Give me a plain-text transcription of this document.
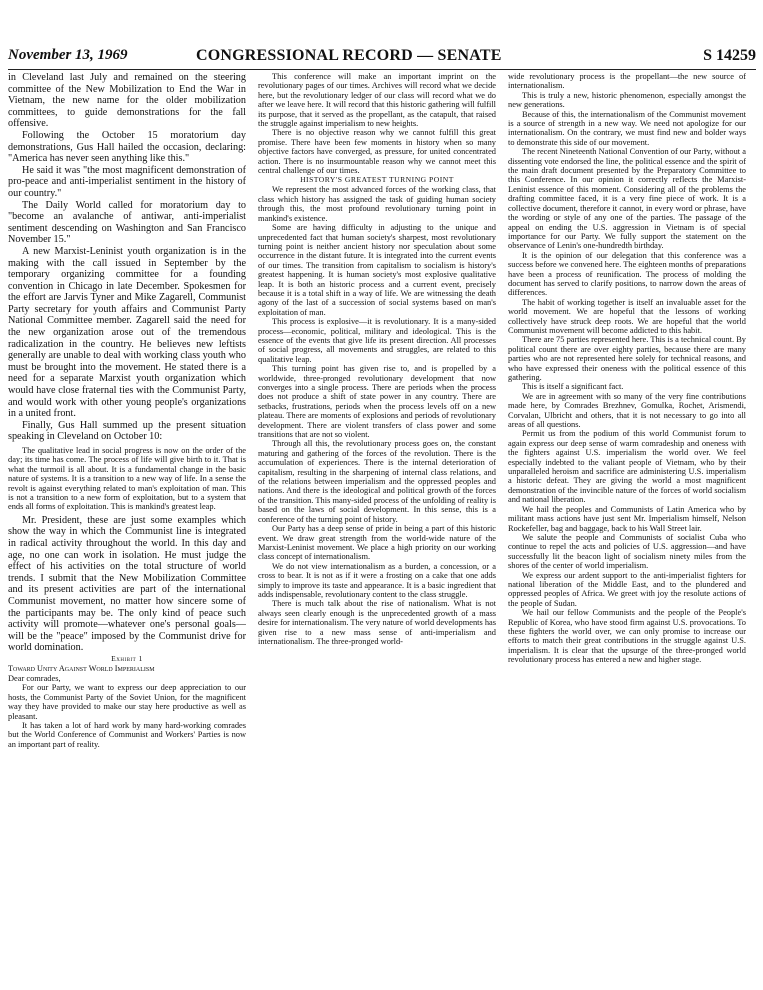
November 13, 1969	CONGRESSIONAL RECORD — SENATE	S 14259

in Cleveland last July and remained on the steering committee of the New Mobilization to End the War in Vietnam, the new name for the older mobilization committees, to guide demonstrations for the fall offensive.

Following the October 15 moratorium day demonstrations, Gus Hall hailed the occasion, declaring: "America has never seen anything like this."

He said it was "the most magnificent demonstration of pro-peace and anti-imperialist sentiment in the history of our country."

The Daily World called for moratorium day to "become an avalanche of antiwar, anti-imperialist sentiment descending on Washington and San Francisco November 15."

A new Marxist-Leninist youth organization is in the making with the call issued in September by the temporary organizing committee for a founding convention in Chicago in late December. Spokesmen for the effort are Jarvis Tyner and Mike Zagarell, Communist Party secretary for youth affairs and Communist Party National Committee member. Zagarell said the need for the new organization arose out of the tremendous radicalization in the country. He believes new leftists generally are unable to deal with working class youth who must be brought into the movement. He stated there is a need for a separate Marxist youth organization which would have close fraternal ties with the Communist Party, and would work with other young people's organizations in a united front.

Finally, Gus Hall summed up the present situation speaking in Cleveland on October 10:

The qualitative lead in social progress is now on the order of the day; its time has come. The process of life will give birth to it. That is what the turmoil is all about. It is a fundamental change in the basic nature of systems. It is a transition to a new way of life. In a sense the revolt is against everything related to man's exploitation of man. This is not a transition to a new form of exploitation, but to a system that ends all forms of exploitation. This is mankind's greatest leap.

Mr. President, these are just some examples which show the way in which the Communist line is integrated in radical activity throughout the world. In this day and age, no one can work in isolation. He must judge the effect of his activities on the total structure of world trends. I submit that the New Mobilization Committee and its present activities are part of the international Communist movement, no matter how sincere some of the participants may be. The only kind of peace such activity will promote—whatever one's personal goals—will be the "peace" imposed by the Communist drive for world domination.

Exhibit 1

Toward Unity Against World Imperialism

Dear comrades,

For our Party, we want to express our deep appreciation to our hosts, the Communist Party of the Soviet Union, for the magnificent way they have provided to make our stay here productive as well as pleasant.

It has taken a lot of hard work by many hard-working comrades but the World Conference of Communist and Workers' Parties is now an important part of reality.

This conference will make an important imprint on the revolutionary pages of our times. Archives will record what we decide here, but the revolutionary ledger of our class will record what we do after we leave here. It will record that this historic gathering will fulfill its purpose, that it served as the propellant, as the catapult, that raised the struggle against imperialism to new heights.

There is no objective reason why we cannot fulfill this great promise. There have been few moments in history when so many objective factors have converged, as pressure, for united concentrated action. There is no insurmountable reason why we cannot meet this central challenge of our times.

HISTORY'S GREATEST TURNING POINT

We represent the most advanced forces of the working class, that class which history has assigned the task of guiding human society through this, the most profound revolutionary turning point in mankind's existence.

Some are having difficulty in adjusting to the unique and unprecedented fact that human society's sharpest, most revolutionary turning point is neither ancient history nor speculation about some occurrence in the distant future. It is integrated into the current events of our times. The transition from capitalism to socialism is history's greatest happening. It is human society's most explosive qualitative leap. It is both an historic process and a current event, precisely because it is a total shift in a way of life. We are witnessing the death agony of the last of a succession of social systems based on man's exploitation of man.

This process is explosive—it is revolutionary. It is a many-sided process—economic, political, military and ideological. This is the essence of the events that give life its present direction. All processes of social progress, all movements and struggles, are related to this qualitative leap.

This turning point has given rise to, and is propelled by a worldwide, three-pronged revolutionary development that now converges into a single process. There are periods when the process does not produce a shift of state power in any country. There are setbacks, frustrations, periods when the process levels off on a new plateau. There are moments of explosions and periods of revolutionary development. There are violent transfers of class power and some transitions that are not so violent.

Through all this, the revolutionary process goes on, the constant maturing and gathering of the forces of the revolution. There is the accumulation of experiences. There is the internal deterioration of capitalism, resulting in the sharpening of internal class relations, and of the relations between imperialism and the oppressed peoples and nations. And there is the ideological and political growth of the forces of the transition. This many-sided process of the unfolding of reality is based on the laws of social development. In this sense, this is a conference of the turning point of history.

Our Party has a deep sense of pride in being a part of this historic event. We draw great strength from the world-wide nature of the Marxist-Leninist movement. We place a high priority on our working class concept of internationalism.

We do not view internationalism as a burden, a concession, or a cross to bear. It is not as if it were a frosting on a cake that one adds simply to improve its taste and appearance. It is a basic ingredient that adds indispensable, revolutionary content to the class struggle.

There is much talk about the rise of nationalism. What is not always seen clearly enough is the unprecedented growth of a mass desire for internationalism. The very nature of world developments has given rise to a new mass sense of anti-imperialism and internationalism. The three-pronged world-

wide revolutionary process is the propellant—the new source of internationalism.

This is truly a new, historic phenomenon, especially amongst the new generations.

Because of this, the internationalism of the Communist movement is a source of strength in a new way. We need not apologize for our internationalism. On the contrary, we must find new and bolder ways to demonstrate this side of our movement.

The recent Nineteenth National Convention of our Party, without a dissenting vote endorsed the line, the political essence and the spirit of the main draft document presented by the Preparatory Committee to this Conference. In our opinion it correctly reflects the Marxist-Leninist essence of this moment. Considering all of the problems the drafting committee faced, it is a very fine piece of work. It is a collective document, therefore it cannot, in every word or phrase, have the wording or style of any one of the parties. The passage of the appeal on ending the U.S. aggression in Vietnam is of special importance for our Party. We fully support the statement on the observance of Lenin's one-hundredth birthday.

It is the opinion of our delegation that this conference was a success before we convened here. The eighteen months of preparations have been a process of reunification. The process of molding the document has served to clarify positions, to narrow down the areas of differences.

The habit of working together is itself an invaluable asset for the world movement. We are hopeful that the lessons of working collectively have struck deep roots. We are hopeful that the world Communist movement will become addicted to this habit.

There are 75 parties represented here. This is a technical count. By political count there are over eighty parties, because there are many parties who are not represented here solely for technical reasons, and who have expressed their oneness with the political essence of this gathering.

This is itself a significant fact.

We are in agreement with so many of the very fine contributions made here, by Comrades Brezhnev, Gomulka, Rochet, Arismendi, Corvalan, Ulbricht and others, that it is not necessary to go into all areas of all questions.

Permit us from the podium of this world Communist forum to again express our deep sense of warm comradeship and oneness with the fighters against U.S. imperialism the world over. We feel especially indebted to the valiant people of Vietnam, who by their unparalleled heroism and sacrifice are administering U.S. imperialism a historic defeat. They are giving the world a most magnificent demonstration of the invincible nature of the forces of world socialism and national liberation.

We hail the peoples and Communists of Latin America who by militant mass actions have just sent Mr. Imperialism himself, Nelson Rockefeller, bag and baggage, back to his Wall Street lair.

We salute the people and Communists of socialist Cuba who continue to repel the acts and policies of U.S. aggression—and have successfully lit the beacon light of socialism ninety miles from the shores of the center of world imperialism.

We express our ardent support to the anti-imperialist fighters for national liberation of the Middle East, and to the plundered and oppressed peoples of Africa. We greet with joy the resolute actions of the people of Sudan.

We hail our fellow Communists and the people of the People's Republic of Korea, who have stood firm against U.S. provocations. To these fighters the world over, we can only promise to increase our efforts to match their great contributions in the struggle against U.S. imperialism. It is clear that the upsurge of the three-pronged world revolutionary process has entered a new and higher stage.
